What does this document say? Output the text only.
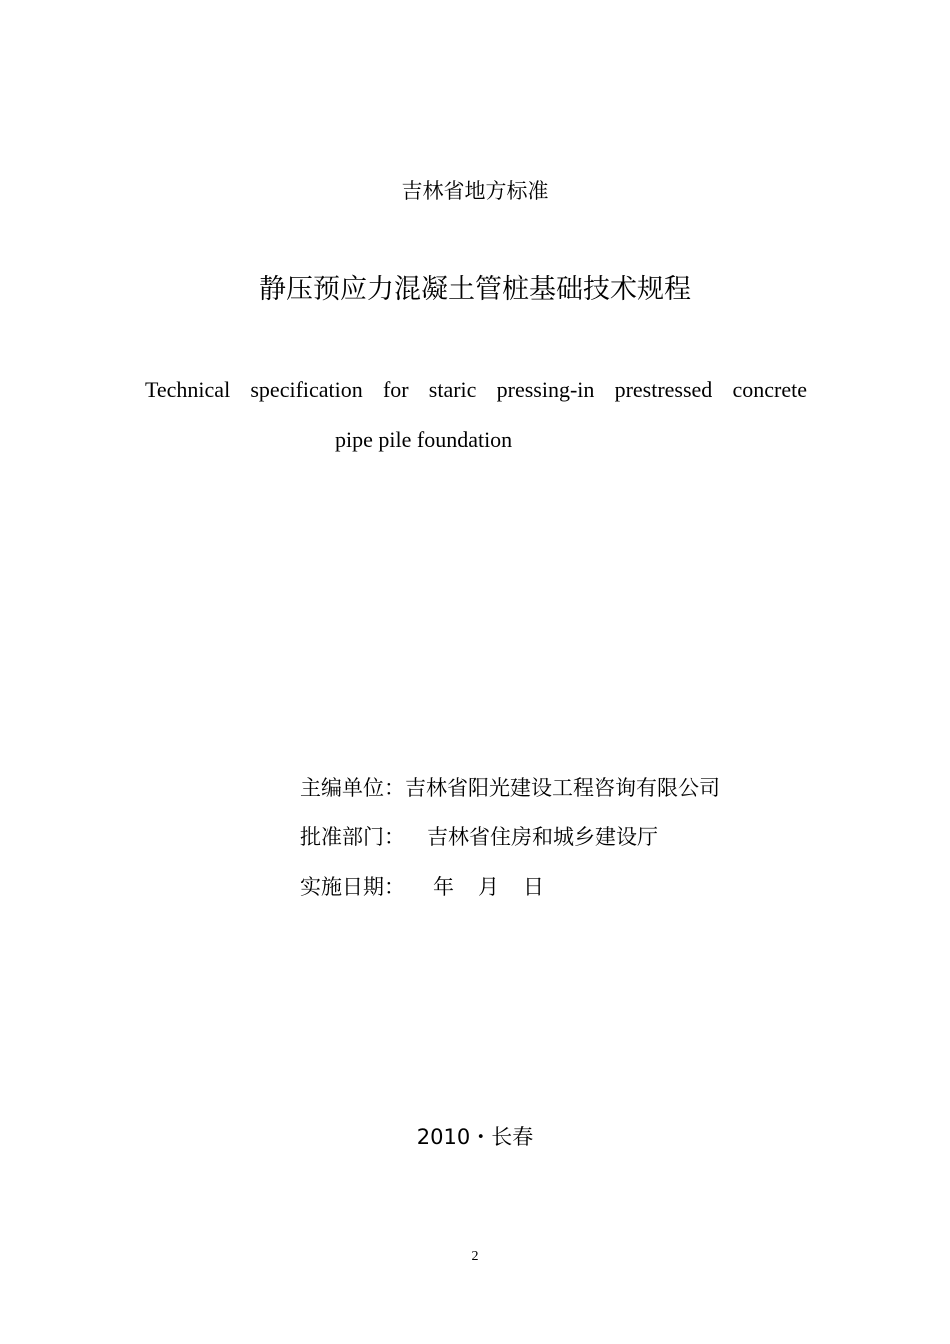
吉林省地方标准
静压预应力混凝土管桩基础技术规程
Technical specification for staric pressing-in prestressed concrete
pipe pile foundation
主编单位：吉林省阳光建设工程咨询有限公司
批准部门： 吉林省住房和城乡建设厅
实施日期： 年 月 日
2010・长春
2
